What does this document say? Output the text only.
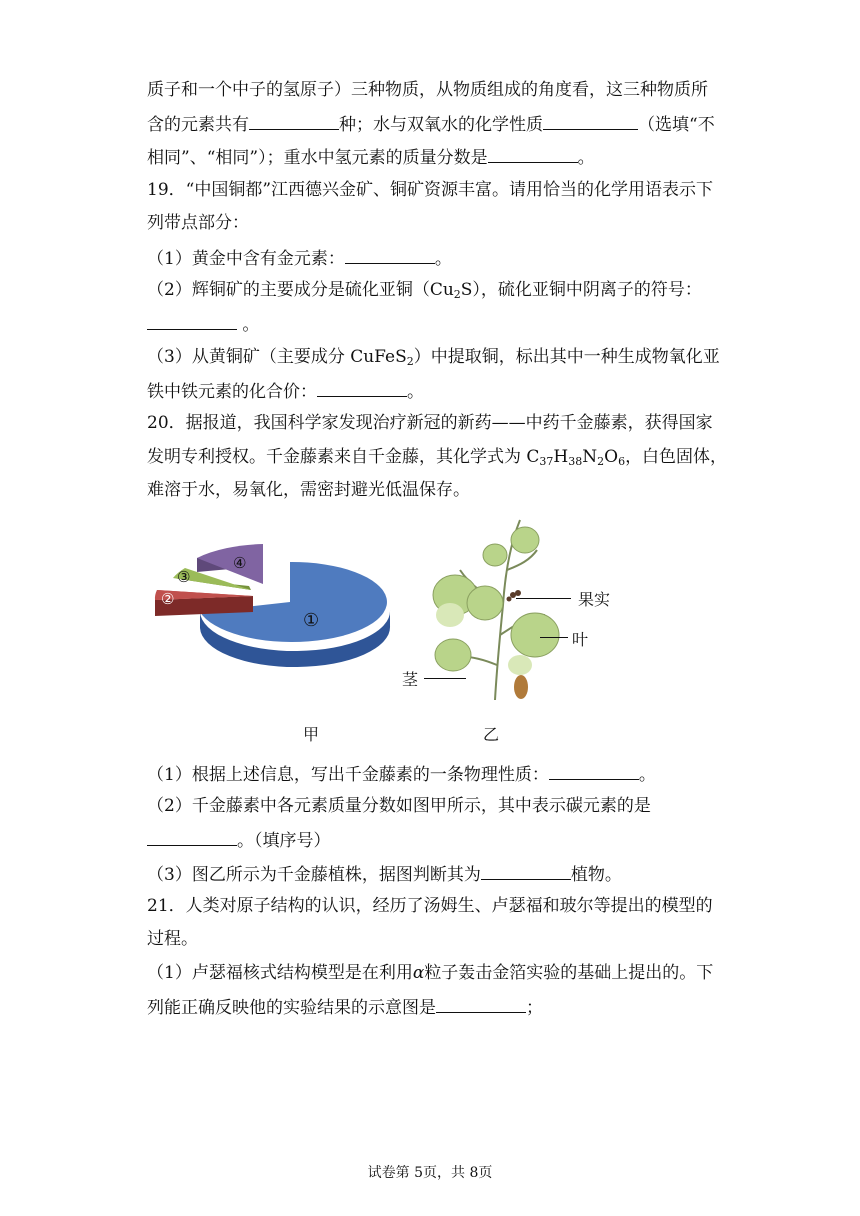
质子和一个中子的氢原子）三种物质，从物质组成的角度看，这三种物质所
含的元素共有	种；水与双氧水的化学性质	（选填“不
相同”、“相同”）；重水中氢元素的质量分数是	。
19．“中国铜都”江西德兴金矿、铜矿资源丰富。请用恰当的化学用语表示下
列带点部分：
（1）黄金中含有金元素：	。
（2）辉铜矿的主要成分是硫化亚铜$(Cu_2S)$，硫化亚铜中阴离子的符号：
。
（3）从黄铜矿（主要成分 CuFeS$_2$）中提取铜，标出其中一种生成物氧化亚
铁中铁元素的化合价：	。
20．据报道，我国科学家发现治疗新冠的新药——中药千金藤素，获得国家
发明专利授权。千金藤素来自千金藤，其化学式为 $C_{37}H_{38}N_2O_6$，白色固体，
难溶于水，易氧化，需密封避光低温保存。
①
②
③
④
果实
叶
茎
甲	乙
（1）根据上述信息，写出千金藤素的一条物理性质：	。
（2）千金藤素中各元素质量分数如图甲所示，其中表示碳元素的是
。（填序号）
（3）图乙所示为千金藤植株，据图判断其为	植物。
21．人类对原子结构的认识，经历了汤姆生、卢瑟福和玻尔等提出的模型的
过程。
（1）卢瑟福核式结构模型是在利用α粒子轰击金箔实验的基础上提出的。下
列能正确反映他的实验结果的示意图是	；
试卷第 5页，共 8页
